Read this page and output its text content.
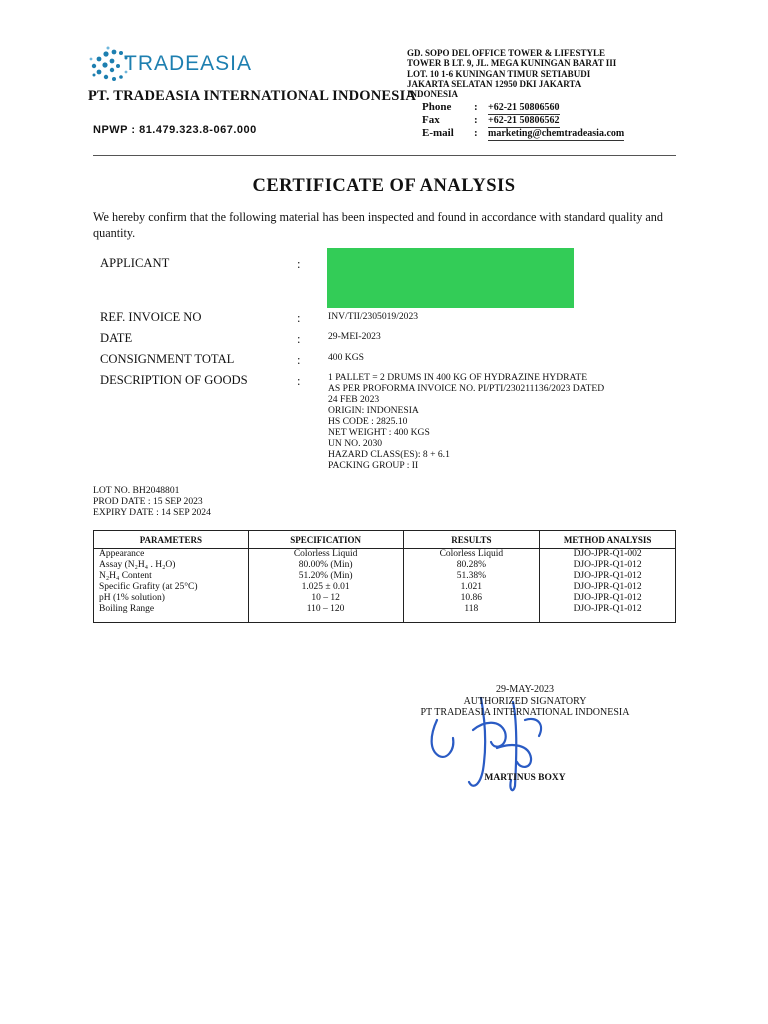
TRADEASIA
PT. TRADEASIA INTERNATIONAL INDONESIA
NPWP : 81.479.323.8-067.000
GD. SOPO DEL OFFICE TOWER & LIFESTYLE
TOWER B LT. 9, JL. MEGA KUNINGAN BARAT III
LOT. 10 1-6 KUNINGAN TIMUR SETIABUDI
JAKARTA SELATAN 12950 DKI JAKARTA
INDONESIA
Phone : +62-21 50806560
Fax	: +62-21 50806562
E-mail : marketing@chemtradeasia.com
CERTIFICATE OF ANALYSIS
We hereby confirm that the following material has been inspected and found in accordance with standard quality and quantity.
APPLICANT	:
REF. INVOICE NO	:	INV/TII/2305019/2023
DATE	:	29-MEI-2023
CONSIGNMENT TOTAL	:	400 KGS
DESCRIPTION OF GOODS	:	1 PALLET = 2 DRUMS IN 400 KG OF HYDRAZINE HYDRATE
AS PER PROFORMA INVOICE NO. PI/PTI/230211136/2023 DATED
24 FEB 2023
ORIGIN: INDONESIA
HS CODE : 2825.10
NET WEIGHT : 400 KGS
UN NO. 2030
HAZARD CLASS(ES): 8 + 6.1
PACKING GROUP : II
LOT NO. BH2048801
PROD DATE : 15 SEP 2023
EXPIRY DATE : 14 SEP 2024
PARAMETERS	SPECIFICATION	RESULTS	METHOD ANALYSIS
Appearance	Colorless Liquid	Colorless Liquid	DJO-JPR-Q1-002
Assay (N₂H₄ . H₂O)	80.00% (Min)	80.28%	DJO-JPR-Q1-012
N₂H₄ Content	51.20% (Min)	51.38%	DJO-JPR-Q1-012
Specific Grafity (at 25°C)	1.025 ± 0.01	1.021	DJO-JPR-Q1-012
pH (1% solution)	10 – 12	10.86	DJO-JPR-Q1-012
Boiling Range	110 – 120	118	DJO-JPR-Q1-012
29-MAY-2023
AUTHORIZED SIGNATORY
PT TRADEASIA INTERNATIONAL INDONESIA
MARTINUS BOXY
